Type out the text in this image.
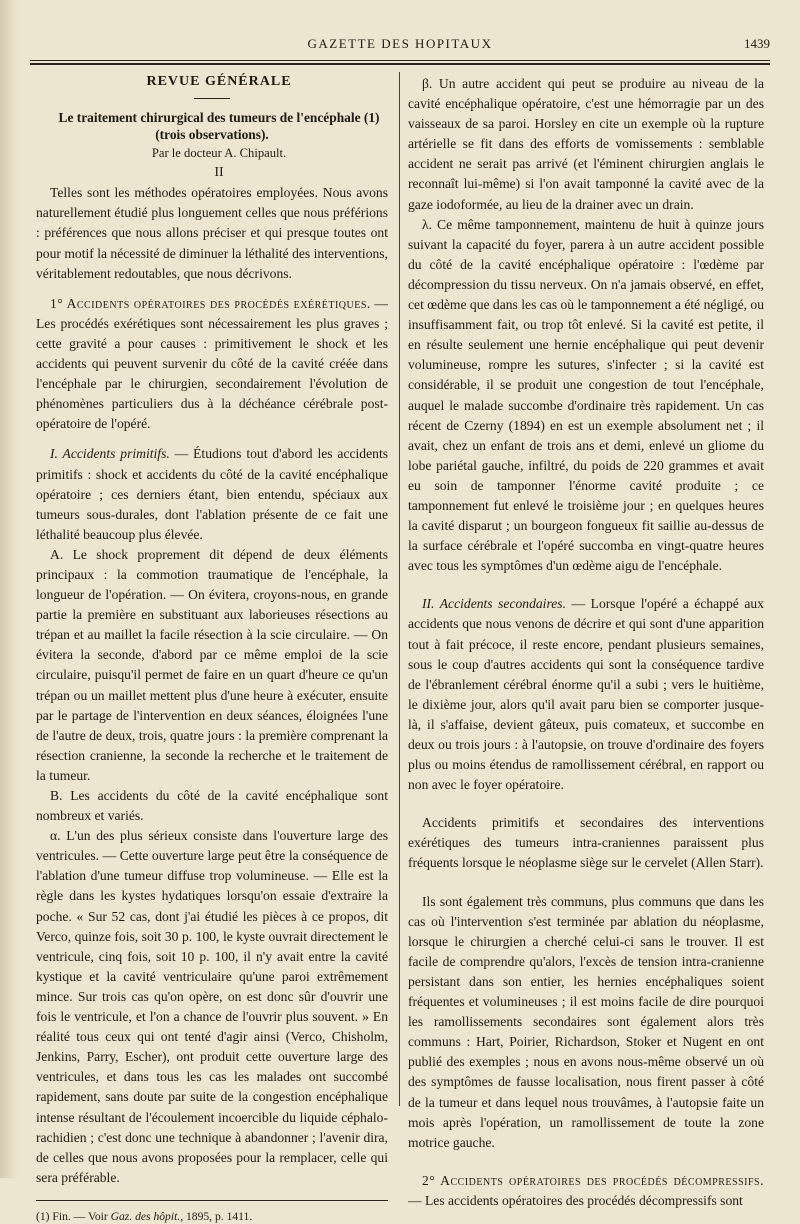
GAZETTE DES HOPITAUX	1439

REVUE GÉNÉRALE

Le traitement chirurgical des tumeurs de l'encéphale (1) (trois observations).

Par le docteur A. Chipault.

II

Telles sont les méthodes opératoires employées. Nous avons naturellement étudié plus longuement celles que nous préférions : préférences que nous allons préciser et qui presque toutes ont pour motif la nécessité de diminuer la léthalité des interventions, véritablement redoutables, que nous décrivons.

1° Accidents opératoires des procédés exérétiques. — Les procédés exérétiques sont nécessairement les plus graves ; cette gravité a pour causes : primitivement le shock et les accidents qui peuvent survenir du côté de la cavité créée dans l'encéphale par le chirurgien, secondairement l'évolution de phénomènes particuliers dus à la déchéance cérébrale post-opératoire de l'opéré.

I. Accidents primitifs. — Étudions tout d'abord les accidents primitifs : shock et accidents du côté de la cavité encéphalique opératoire ; ces derniers étant, bien entendu, spéciaux aux tumeurs sous-durales, dont l'ablation présente de ce fait une léthalité beaucoup plus élevée.

A. Le shock proprement dit dépend de deux éléments principaux : la commotion traumatique de l'encéphale, la longueur de l'opération. — On évitera, croyons-nous, en grande partie la première en substituant aux laborieuses résections au trépan et au maillet la facile résection à la scie circulaire. — On évitera la seconde, d'abord par ce même emploi de la scie circulaire, puisqu'il permet de faire en un quart d'heure ce qu'un trépan ou un maillet mettent plus d'une heure à exécuter, ensuite par le partage de l'intervention en deux séances, éloignées l'une de l'autre de deux, trois, quatre jours : la première comprenant la résection cranienne, la seconde la recherche et le traitement de la tumeur.

B. Les accidents du côté de la cavité encéphalique sont nombreux et variés.

α. L'un des plus sérieux consiste dans l'ouverture large des ventricules. — Cette ouverture large peut être la conséquence de l'ablation d'une tumeur diffuse trop volumineuse. — Elle est la règle dans les kystes hydatiques lorsqu'on essaie d'extraire la poche. « Sur 52 cas, dont j'ai étudié les pièces à ce propos, dit Verco, quinze fois, soit 30 p. 100, le kyste ouvrait directement le ventricule, cinq fois, soit 10 p. 100, il n'y avait entre la cavité kystique et la cavité ventriculaire qu'une paroi extrêmement mince. Sur trois cas qu'on opère, on est donc sûr d'ouvrir une fois le ventricule, et l'on a chance de l'ouvrir plus souvent. » En réalité tous ceux qui ont tenté d'agir ainsi (Verco, Chisholm, Jenkins, Parry, Escher), ont produit cette ouverture large des ventricules, et dans tous les cas les malades ont succombé rapidement, sans doute par suite de la congestion encéphalique intense résultant de l'écoulement incoercible du liquide céphalo-rachidien ; c'est donc une technique à abandonner ; l'avenir dira, de celles que nous avons proposées pour la remplacer, celle qui sera préférable.

(1) Fin. — Voir Gaz. des hôpit., 1895, p. 1411.

β. Un autre accident qui peut se produire au niveau de la cavité encéphalique opératoire, c'est une hémorragie par un des vaisseaux de sa paroi. Horsley en cite un exemple où la rupture artérielle se fit dans des efforts de vomissements : semblable accident ne serait pas arrivé (et l'éminent chirurgien anglais le reconnaît lui-même) si l'on avait tamponné la cavité avec de la gaze iodoformée, au lieu de la drainer avec un drain.

λ. Ce même tamponnement, maintenu de huit à quinze jours suivant la capacité du foyer, parera à un autre accident possible du côté de la cavité encéphalique opératoire : l'œdème par décompression du tissu nerveux. On n'a jamais observé, en effet, cet œdème que dans les cas où le tamponnement a été négligé, ou insuffisamment fait, ou trop tôt enlevé. Si la cavité est petite, il en résulte seulement une hernie encéphalique qui peut devenir volumineuse, rompre les sutures, s'infecter ; si la cavité est considérable, il se produit une congestion de tout l'encéphale, auquel le malade succombe d'ordinaire très rapidement. Un cas récent de Czerny (1894) en est un exemple absolument net ; il avait, chez un enfant de trois ans et demi, enlevé un gliome du lobe pariétal gauche, infiltré, du poids de 220 grammes et avait eu soin de tamponner l'énorme cavité produite ; ce tamponnement fut enlevé le troisième jour ; en quelques heures la cavité disparut ; un bourgeon fongueux fit saillie au-dessus de la surface cérébrale et l'opéré succomba en vingt-quatre heures avec tous les symptômes d'un œdème aigu de l'encéphale.

II. Accidents secondaires. — Lorsque l'opéré a échappé aux accidents que nous venons de décrire et qui sont d'une apparition tout à fait précoce, il reste encore, pendant plusieurs semaines, sous le coup d'autres accidents qui sont la conséquence tardive de l'ébranlement cérébral énorme qu'il a subi ; vers le huitième, le dixième jour, alors qu'il avait paru bien se comporter jusque-là, il s'affaise, devient gâteux, puis comateux, et succombe en deux ou trois jours : à l'autopsie, on trouve d'ordinaire des foyers plus ou moins étendus de ramollissement cérébral, en rapport ou non avec le foyer opératoire.

Accidents primitifs et secondaires des interventions exérétiques des tumeurs intra-craniennes paraissent plus fréquents lorsque le néoplasme siège sur le cervelet (Allen Starr).

Ils sont également très communs, plus communs que dans les cas où l'intervention s'est terminée par ablation du néoplasme, lorsque le chirurgien a cherché celui-ci sans le trouver. Il est facile de comprendre qu'alors, l'excès de tension intra-cranienne persistant dans son entier, les hernies encéphaliques soient fréquentes et volumineuses ; il est moins facile de dire pourquoi les ramollissements secondaires sont également alors très communs : Hart, Poirier, Richardson, Stoker et Nugent en ont publié des exemples ; nous en avons nous-même observé un où des symptômes de fausse localisation, nous firent passer à côté de la tumeur et dans lequel nous trouvâmes, à l'autopsie faite un mois après l'opération, un ramollissement de toute la zone motrice gauche.

2° Accidents opératoires des procédés décompressifs. — Les accidents opératoires des procédés décompressifs sont
